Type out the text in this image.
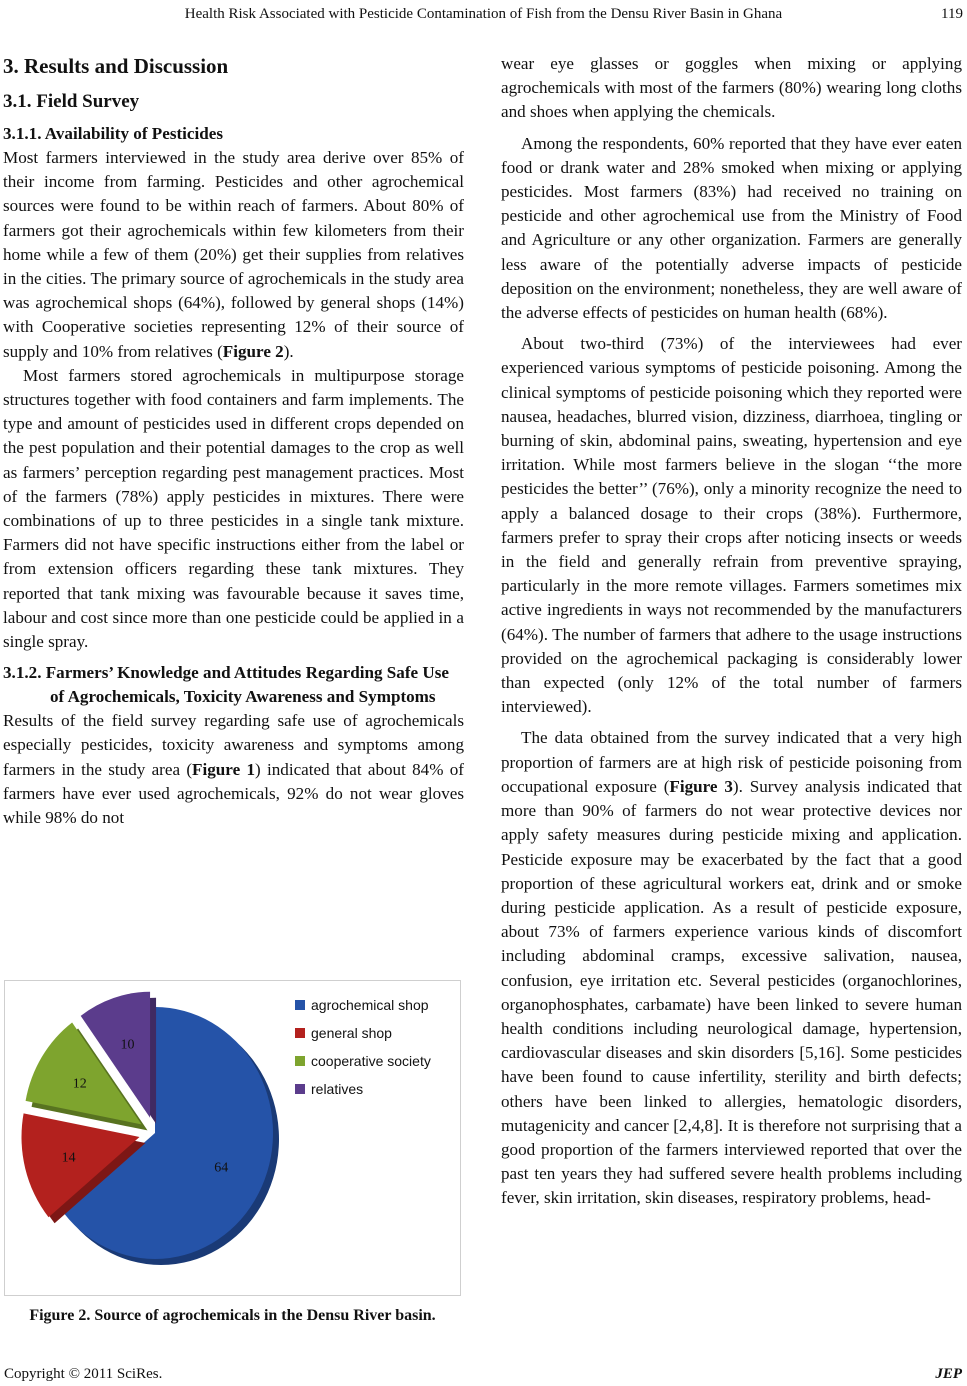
Health Risk Associated with Pesticide Contamination of Fish from the Densu River Basin in Ghana	119
3. Results and Discussion
3.1. Field Survey
3.1.1. Availability of Pesticides

Most farmers interviewed in the study area derive over 85% of their income from farming. Pesticides and other agrochemical sources were found to be within reach of farmers. About 80% of farmers got their agrochemicals within few kilometers from their home while a few of them (20%) get their supplies from relatives in the cities. The primary source of agrochemicals in the study area was agrochemical shops (64%), followed by general shops (14%) with Cooperative societies representing 12% of their source of supply and 10% from relatives (Figure 2).

Most farmers stored agrochemicals in multipurpose storage structures together with food containers and farm implements. The type and amount of pesticides used in different crops depended on the pest population and their potential damages to the crop as well as farmers’ perception regarding pest management practices. Most of the farmers (78%) apply pesticides in mixtures. There were combinations of up to three pesticides in a single tank mixture. Farmers did not have specific instructions either from the label or from extension officers regarding these tank mixtures. They reported that tank mixing was favourable because it saves time, labour and cost since more than one pesticide could be applied in a single spray.

3.1.2. Farmers’ Knowledge and Attitudes Regarding Safe Use of Agrochemicals, Toxicity Awareness and Symptoms

Results of the field survey regarding safe use of agrochemicals especially pesticides, toxicity awareness and symptoms among farmers in the study area (Figure 1) indicated that about 84% of farmers have ever used agrochemicals, 92% do not wear gloves while 98% do not

wear eye glasses or goggles when mixing or applying agrochemicals with most of the farmers (80%) wearing long cloths and shoes when applying the chemicals.

Among the respondents, 60% reported that they have ever eaten food or drank water and 28% smoked when mixing or applying pesticides. Most farmers (83%) had received no training on pesticide and other agrochemical use from the Ministry of Food and Agriculture or any other organization. Farmers are generally less aware of the potentially adverse impacts of pesticide deposition on the environment; nonetheless, they are well aware of the adverse effects of pesticides on human health (68%).

About two-third (73%) of the interviewees had ever experienced various symptoms of pesticide poisoning. Among the clinical symptoms of pesticide poisoning which they reported were nausea, headaches, blurred vision, dizziness, diarrhoea, tingling or burning of skin, abdominal pains, sweating, hypertension and eye irritation. While most farmers believe in the slogan ‘‘the more pesticides the better’’ (76%), only a minority recognize the need to apply a balanced dosage to their crops (38%). Furthermore, farmers prefer to spray their crops after noticing insects or weeds in the field and generally refrain from preventive spraying, particularly in the more remote villages. Farmers sometimes mix active ingredients in ways not recommended by the manufacturers (64%). The number of farmers that adhere to the usage instructions provided on the agrochemical packaging is considerably lower than expected (only 12% of the total number of farmers interviewed).

The data obtained from the survey indicated that a very high proportion of farmers are at high risk of pesticide poisoning from occupational exposure (Figure 3). Survey analysis indicated that more than 90% of farmers do not wear protective devices nor apply safety measures during pesticide mixing and application. Pesticide exposure may be exacerbated by the fact that a good proportion of these agricultural workers eat, drink and or smoke during pesticide application. As a result of pesticide exposure, about 73% of farmers experience various kinds of discomfort including abdominal cramps, excessive salivation, nausea, confusion, eye irritation etc. Several pesticides (organochlorines, organophosphates, carbamate) have been linked to severe human health conditions including neurological damage, hypertension, cardiovascular diseases and skin disorders [5,16]. Some pesticides have been found to cause infertility, sterility and birth defects; others have been linked to allergies, hematologic disorders, mutagenicity and cancer [2,4,8]. It is therefore not surprising that a good proportion of the farmers interviewed reported that over the past ten years they had suffered severe health problems including fever, skin irritation, skin diseases, respiratory problems, head-

64
14
12
10
agrochemical shop
general shop
cooperative society
relatives
Figure 2. Source of agrochemicals in the Densu River basin.
Copyright © 2011 SciRes.	JEP
